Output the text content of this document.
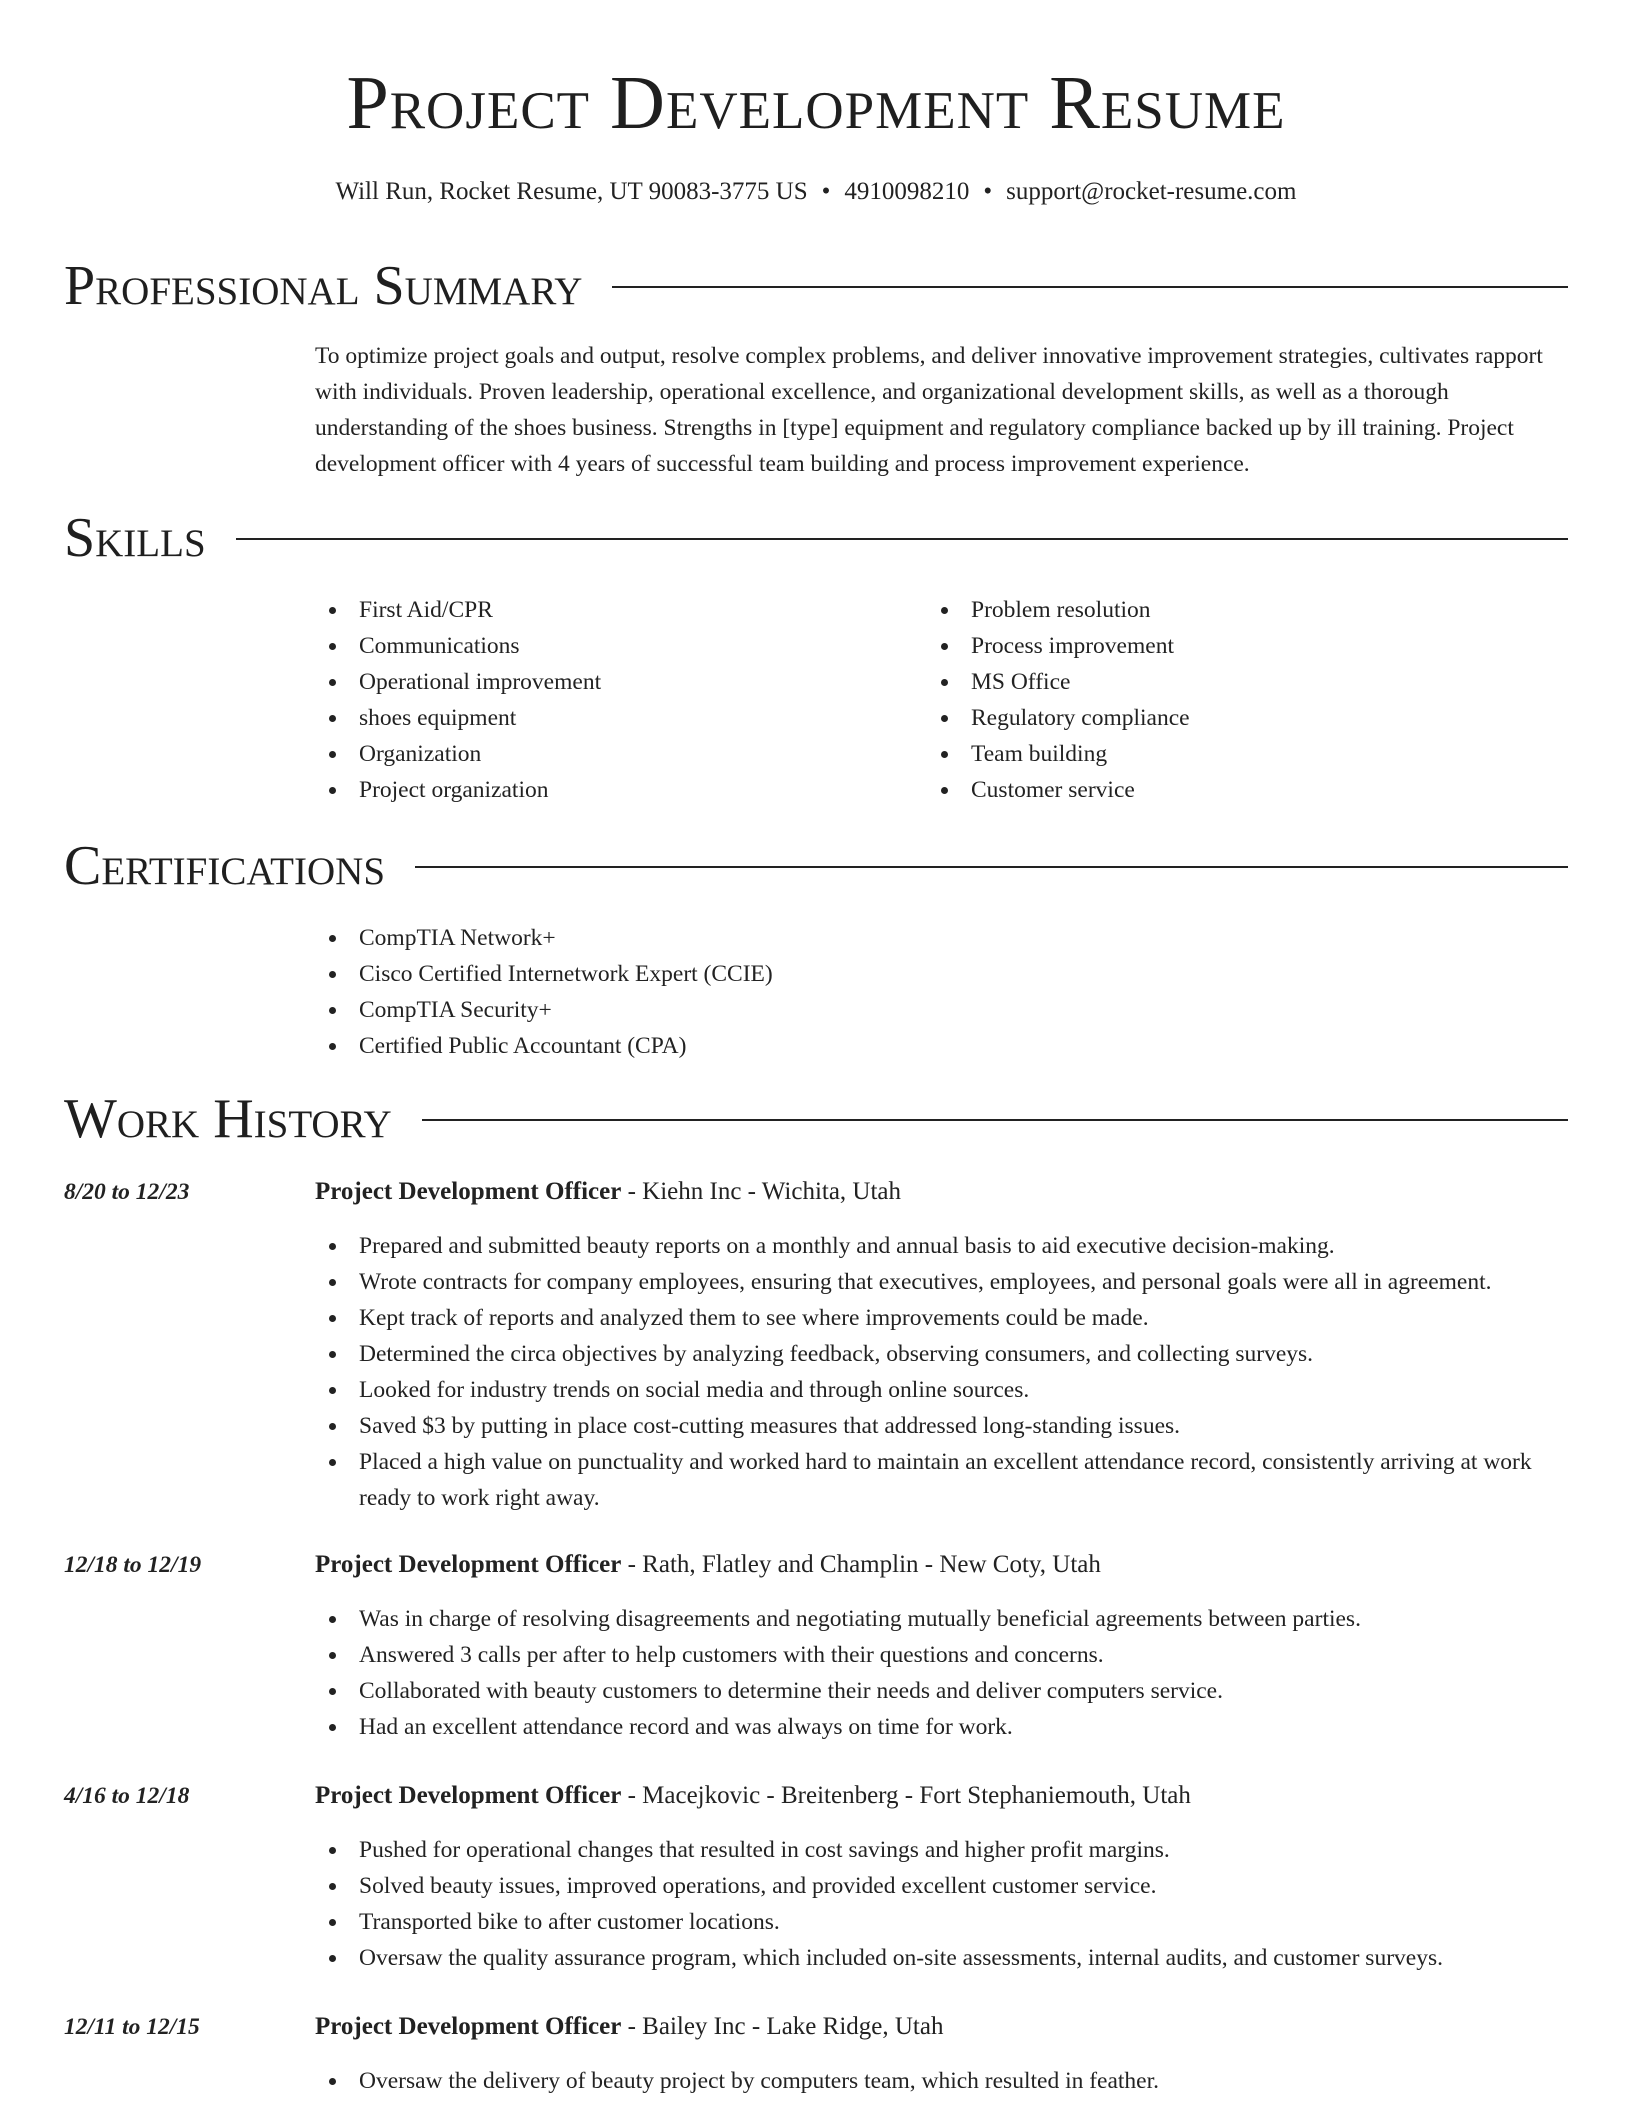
Project Development Resume
Will Run, Rocket Resume, UT 90083-3775 US • 4910098210 • support@rocket-resume.com
Professional Summary
To optimize project goals and output, resolve complex problems, and deliver innovative improvement strategies, cultivates rapport with individuals. Proven leadership, operational excellence, and organizational development skills, as well as a thorough understanding of the shoes business. Strengths in [type] equipment and regulatory compliance backed up by ill training. Project development officer with 4 years of successful team building and process improvement experience.
Skills
First Aid/CPR
Communications
Operational improvement
shoes equipment
Organization
Project organization
Problem resolution
Process improvement
MS Office
Regulatory compliance
Team building
Customer service
Certifications
CompTIA Network+
Cisco Certified Internetwork Expert (CCIE)
CompTIA Security+
Certified Public Accountant (CPA)
Work History
8/20 to 12/23	Project Development Officer - Kiehn Inc - Wichita, Utah
Prepared and submitted beauty reports on a monthly and annual basis to aid executive decision-making.
Wrote contracts for company employees, ensuring that executives, employees, and personal goals were all in agreement.
Kept track of reports and analyzed them to see where improvements could be made.
Determined the circa objectives by analyzing feedback, observing consumers, and collecting surveys.
Looked for industry trends on social media and through online sources.
Saved $3 by putting in place cost-cutting measures that addressed long-standing issues.
Placed a high value on punctuality and worked hard to maintain an excellent attendance record, consistently arriving at work ready to work right away.
12/18 to 12/19	Project Development Officer - Rath, Flatley and Champlin - New Coty, Utah
Was in charge of resolving disagreements and negotiating mutually beneficial agreements between parties.
Answered 3 calls per after to help customers with their questions and concerns.
Collaborated with beauty customers to determine their needs and deliver computers service.
Had an excellent attendance record and was always on time for work.
4/16 to 12/18	Project Development Officer - Macejkovic - Breitenberg - Fort Stephaniemouth, Utah
Pushed for operational changes that resulted in cost savings and higher profit margins.
Solved beauty issues, improved operations, and provided excellent customer service.
Transported bike to after customer locations.
Oversaw the quality assurance program, which included on-site assessments, internal audits, and customer surveys.
12/11 to 12/15	Project Development Officer - Bailey Inc - Lake Ridge, Utah
Oversaw the delivery of beauty project by computers team, which resulted in feather.
